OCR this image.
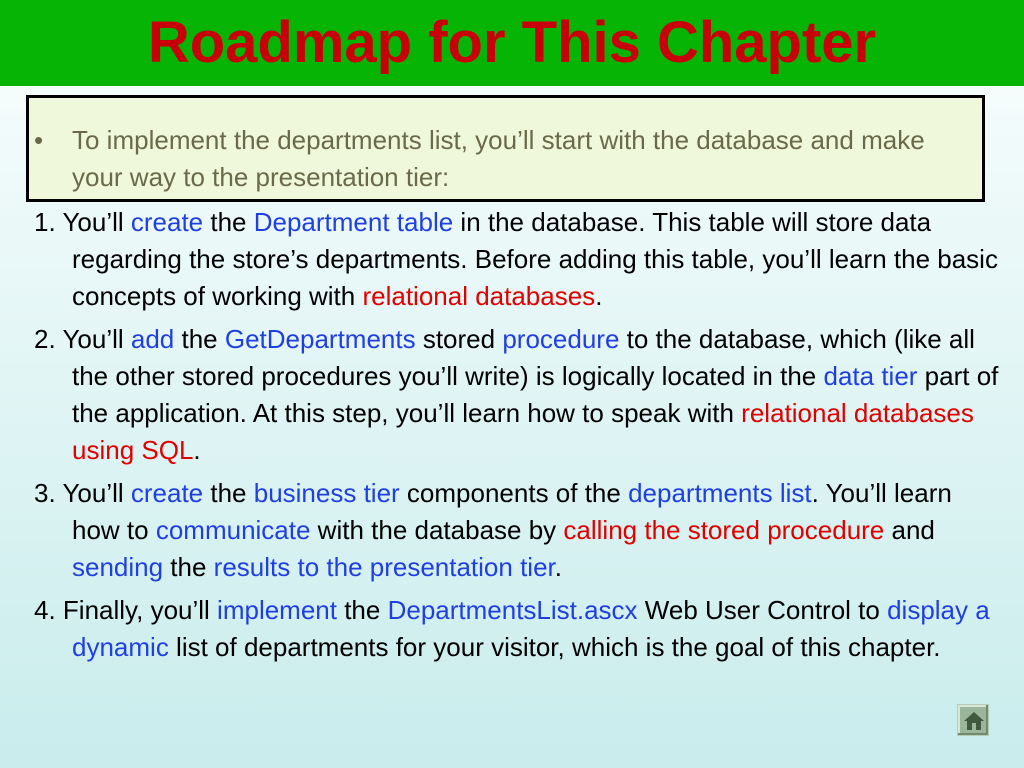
Roadmap for This Chapter
• To implement the departments list, you’ll start with the database and make your way to the presentation tier:

1. You’ll create the Department table in the database. This table will store data regarding the store’s departments. Before adding this table, you’ll learn the basic concepts of working with relational databases.

2. You’ll add the GetDepartments stored procedure to the database, which (like all the other stored procedures you’ll write) is logically located in the data tier part of the application. At this step, you’ll learn how to speak with relational databases using SQL.

3. You’ll create the business tier components of the departments list. You’ll learn how to communicate with the database by calling the stored procedure and sending the results to the presentation tier.

4. Finally, you’ll implement the DepartmentsList.ascx Web User Control to display a dynamic list of departments for your visitor, which is the goal of this chapter.
